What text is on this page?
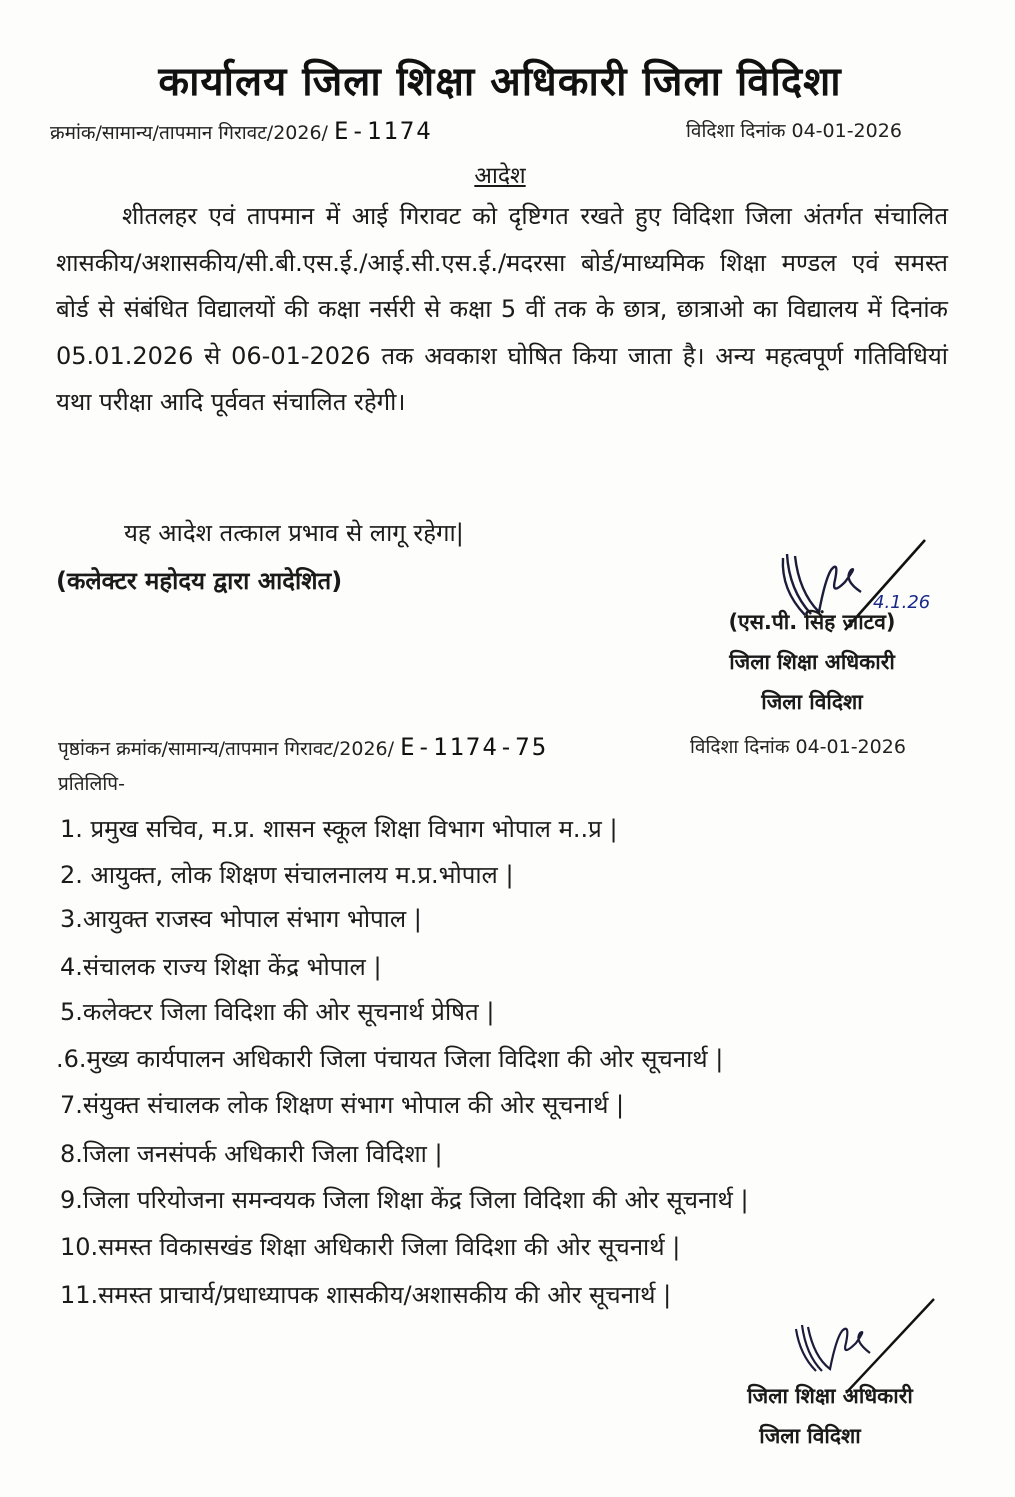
कार्यालय जिला शिक्षा अधिकारी जिला विदिशा
क्रमांक/सामान्य/तापमान गिरावट/2026/ E-1174	विदिशा दिनांक 04-01-2026
आदेश
शीतलहर एवं तापमान में आई गिरावट को दृष्टिगत रखते हुए विदिशा जिला अंतर्गत संचालित शासकीय/अशासकीय/सी.बी.एस.ई./आई.सी.एस.ई./मदरसा बोर्ड/माध्यमिक शिक्षा मण्डल एवं समस्त बोर्ड से संबंधित विद्यालयों की कक्षा नर्सरी से कक्षा 5 वीं तक के छात्र, छात्राओ का विद्यालय में दिनांक 05.01.2026 से 06-01-2026 तक अवकाश घोषित किया जाता है। अन्य महत्वपूर्ण गतिविधियां यथा परीक्षा आदि पूर्ववत संचालित रहेगी।
यह आदेश तत्काल प्रभाव से लागू रहेगा|
(कलेक्टर महोदय द्वारा आदेशित)
4.1.26
(एस.पी. सिंह जाटव)
जिला शिक्षा अधिकारी
जिला विदिशा
पृष्ठांकन क्रमांक/सामान्य/तापमान गिरावट/2026/ E-1174-75	विदिशा दिनांक 04-01-2026
प्रतिलिपि-
1. प्रमुख सचिव, म.प्र. शासन स्कूल शिक्षा विभाग भोपाल म..प्र |
2. आयुक्त, लोक शिक्षण संचालनालय म.प्र.भोपाल |
3.आयुक्त राजस्व भोपाल संभाग भोपाल |
4.संचालक राज्य शिक्षा केंद्र भोपाल |
5.कलेक्टर जिला विदिशा की ओर सूचनार्थ प्रेषित |
.6.मुख्य कार्यपालन अधिकारी जिला पंचायत जिला विदिशा की ओर सूचनार्थ |
7.संयुक्त संचालक लोक शिक्षण संभाग भोपाल की ओर सूचनार्थ |
8.जिला जनसंपर्क अधिकारी जिला विदिशा |
9.जिला परियोजना समन्वयक जिला शिक्षा केंद्र जिला विदिशा की ओर सूचनार्थ |
10.समस्त विकासखंड शिक्षा अधिकारी जिला विदिशा की ओर सूचनार्थ |
11.समस्त प्राचार्य/प्रधाध्यापक शासकीय/अशासकीय की ओर सूचनार्थ |
जिला शिक्षा अधिकारी
जिला विदिशा
